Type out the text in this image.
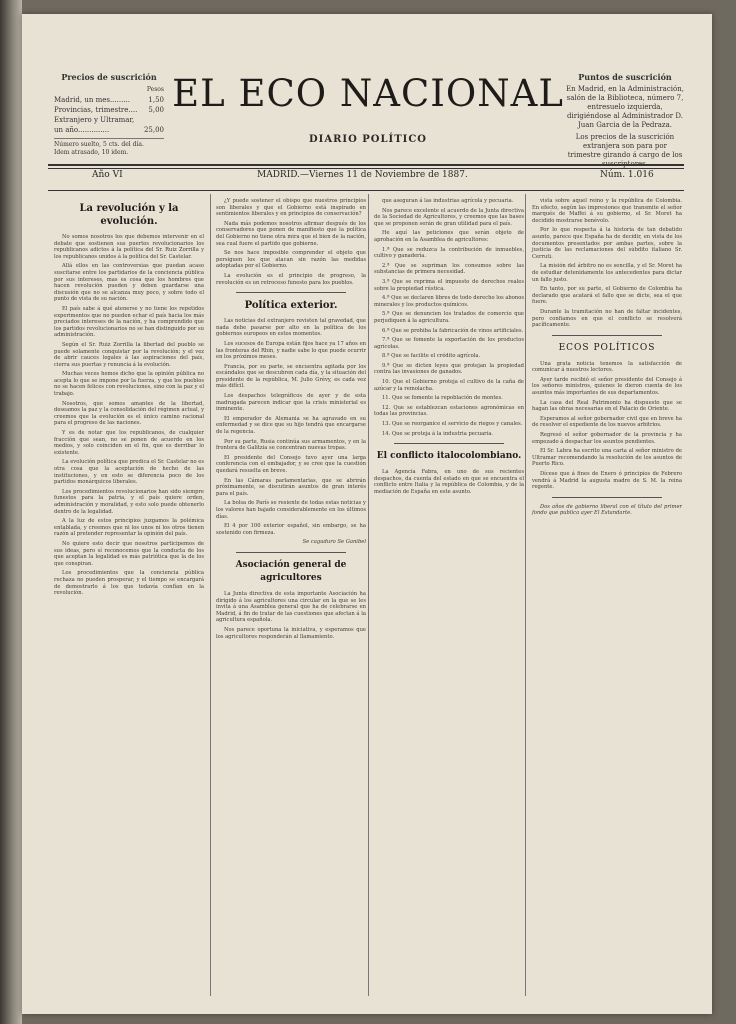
Precios de suscrición
Pesos
Madrid, un mes.........	1,50
Provincias, trimestre.... 5,00
Extranjero y Ultramar,
un año..............	25,00
Número suelto, 5 cts. del día.
Idem atrasado, 10 idem.
EL ECO NACIONAL
DIARIO POLÍTICO
Puntos de suscrición
En Madrid, en la Administración, salón de la Biblioteca, número 7, entresuelo izquierda, dirigiéndose al Administrador D. Juan Garcia de la Pedraza.
Los precios de la suscrición extranjera son para por trimestre girando á cargo de los suscriptores.
Año VI	MADRID.—Viernes 11 de Noviembre de 1887.	Núm. 1.016
La revolución y la evolución.

No somos nosotros los que debemos intervenir en el debate que sostienen sus puertos revolucionarios los republicanos adictos á la política del Sr. Ruiz Zorrilla y los republicanos unidos á la política del Sr. Castelar.

Allá ellos en las controversias que puedan acaso suscitarse entre los partidarios de la conciencia pública por sus intereses, mas es cosa que los hombres que hacen revolución pueden y deben guardarse una discusión que no se alcanza muy poco, y sobre todo el punto de vista de su nación.

El país sabe á qué atenerse y no tiene los repetidos experimentos que no pueden echar el país hacia los más preciados intereses de la nación, y ha comprendido que los partidos revolucionarios no se han distinguido por su administración.

Según el Sr. Ruiz Zorrilla la libertad del pueblo se puede solamente conquistar por la revolución; y el vez de abrir cauces legales á las aspiraciones del país, cierra sus puertas y renuncia á la evolución.

Muchas veces hemos dicho que la opinión pública no acepta lo que se impone por la fuerza, y que los pueblos no se hacen felices con revoluciones, sino con la paz y el trabajo.

Nosotros, que somos amantes de la libertad, deseamos la paz y la consolidación del régimen actual, y creemos que la evolución es el único camino racional para el progreso de las naciones.

Y es de notar que los republicanos, de cualquier fracción que sean, no se ponen de acuerdo en los medios, y solo coinciden en el fin, que es derribar lo existente.

La evolución política que predica el Sr. Castelar no es otra cosa que la aceptación de hecho de las instituciones, y en esto se diferencia poco de los partidos monárquicos liberales.

Los procedimientos revolucionarios han sido siempre funestos para la patria, y el país quiere orden, administración y moralidad, y esto solo puede obtenerlo dentro de la legalidad.

A la luz de estos principios juzgamos la polémica entablada, y creemos que ni los unos ni los otros tienen razón al pretender representar la opinión del país.

No quiere esto decir que nosotros participemos de sus ideas, pero sí reconocemos que la conducta de los que aceptan la legalidad es más patriótica que la de los que conspiran.

Los procedimientos que la conciencia pública rechaza no pueden prosperar, y el tiempo se encargará de demostrarlo á los que todavía confían en la revolución.

¿Y puede sostener el obispo que nuestros principios son liberales y que el Gobierno está inspirado en sentimientos liberales y en principios de conservación?

Nada más podemos nosotros afirmar después de los conservadores que ponen de manifiesto que la política del Gobierno no tiene otra mira que el bien de la nación, sea cual fuere el partido que gobierne.

Se nos hace imposible comprender el objeto que persiguen los que atacan sin razón las medidas adoptadas por el Gobierno.

La evolución es el principio de progreso, la revolución es un retroceso funesto para los pueblos.

Política exterior.

Las noticias del extranjero revisten tal gravedad, que nada debe pasarse por alto en la política de los gobiernos europeos en estos momentos.

Los sucesos de Europa están fijos hace ya 17 años en las fronteras del Rhin, y nadie sabe lo que puede ocurrir en los próximos meses.

Francia, por su parte, se encuentra agitada por los escándalos que se descubren cada día, y la situación del presidente de la república, M. Julio Grévy, es cada vez más difícil.

Los despachos telegráficos de ayer y de esta madrugada parecen indicar que la crisis ministerial es inminente.

El emperador de Alemania se ha agravado en su enfermedad y se dice que su hijo tendrá que encargarse de la regencia.

Por su parte, Rusia continúa sus armamentos, y en la frontera de Galitzia se concentran nuevas tropas.

El presidente del Consejo tuvo ayer una larga conferencia con el embajador, y se cree que la cuestión quedará resuelta en breve.

En las Cámaras parlamentarias, que se abrirán próximamente, se discutirán asuntos de gran interés para el país.

La bolsa de París se resiente de todas estas noticias y los valores han bajado considerablemente en los últimos días.

El 4 por 100 exterior español, sin embargo, se ha sostenido con firmeza.

Se caguduro Se Ganibel

Asociación general de agricultores

La Junta directiva de esta importante Asociación ha dirigido á los agricultores una circular en la que se les invita á una Asamblea general que ha de celebrarse en Madrid, á fin de tratar de las cuestiones que afectan á la agricultura española.

Nos parece oportuna la iniciativa, y esperamos que los agricultores responderán al llamamiento.

que aseguran á las industrias agrícola y pecuaria.

Nos parece excelente el acuerdo de la Junta directiva de la Sociedad de Agricultores, y creemos que las bases que se proponen serán de gran utilidad para el país.

He aquí las peticiones que serán objeto de aprobación en la Asamblea de agricultores:

1.ª Que se reduzca la contribución de inmuebles, cultivo y ganadería.

2.ª Que se supriman los consumos sobre las substancias de primera necesidad.

3.ª Que se reprima el impuesto de derechos reales sobre la propiedad rústica.

4.ª Que se declaren libres de todo derecho los abonos minerales y los productos químicos.

5.ª Que se denuncien los tratados de comercio que perjudiquen á la agricultura.

6.ª Que se prohiba la fabricación de vinos artificiales.

7.ª Que se fomente la exportación de los productos agrícolas.

8.ª Que se facilite el crédito agrícola.

9.ª Que se dicten leyes que protejan la propiedad contra las invasiones de ganados.

10. Que el Gobierno proteja el cultivo de la caña de azúcar y la remolacha.

11. Que se fomente la repoblación de montes.

12. Que se establezcan estaciones agronómicas en todas las provincias.

13. Que se reorganice el servicio de riegos y canales.

14. Que se proteja á la industria pecuaria.

El conflicto italocolombiano.

La Agencia Fabra, en uno de sus recientes despachos, da cuenta del estado en que se encuentra el conflicto entre Italia y la república de Colombia, y de la mediación de España en este asunto.

vista sobre aquel reino y la república de Colombia. En efecto, según las impresiones que transmite el señor marqués de Maffei á su gobierno, el Sr. Moret ha decidido mostrarse benévolo.

Por lo que respecta á la historia de tan debatido asunto, parece que España ha de decidir, en vista de los documentos presentados por ambas partes, sobre la justicia de las reclamaciones del súbdito italiano Sr. Cerruti.

La misión del árbitro no es sencilla, y el Sr. Moret ha de estudiar detenidamente los antecedentes para dictar un fallo justo.

En tanto, por su parte, el Gobierno de Colombia ha declarado que acatará el fallo que se dicte, sea el que fuere.

Durante la tramitación no han de faltar incidentes, pero confiamos en que el conflicto se resolverá pacíficamente.

ECOS POLÍTICOS

Una grata noticia tenemos la satisfacción de comunicar á nuestros lectores.

Ayer tarde recibió el señor presidente del Consejo á los señores ministros, quienes le dieron cuenta de los asuntos más importantes de sus departamentos.

La casa del Real Patrimonio ha dispuesto que se hagan las obras necesarias en el Palacio de Oriente.

Esperamos al señor gobernador civil que en breve ha de resolver el expediente de los nuevos arbitrios.

Regresó el señor gobernador de la provincia y ha empezado á despachar los asuntos pendientes.

El Sr. Labra ha escrito una carta al señor ministro de Ultramar recomendando la resolución de los asuntos de Puerto Rico.

Dícese que á fines de Enero ó principios de Febrero vendrá á Madrid la augusta madre de S. M. la reina regente.

Dos años de gobierno liberal con el título del primer fondo que publica ayer El Estandarte.
